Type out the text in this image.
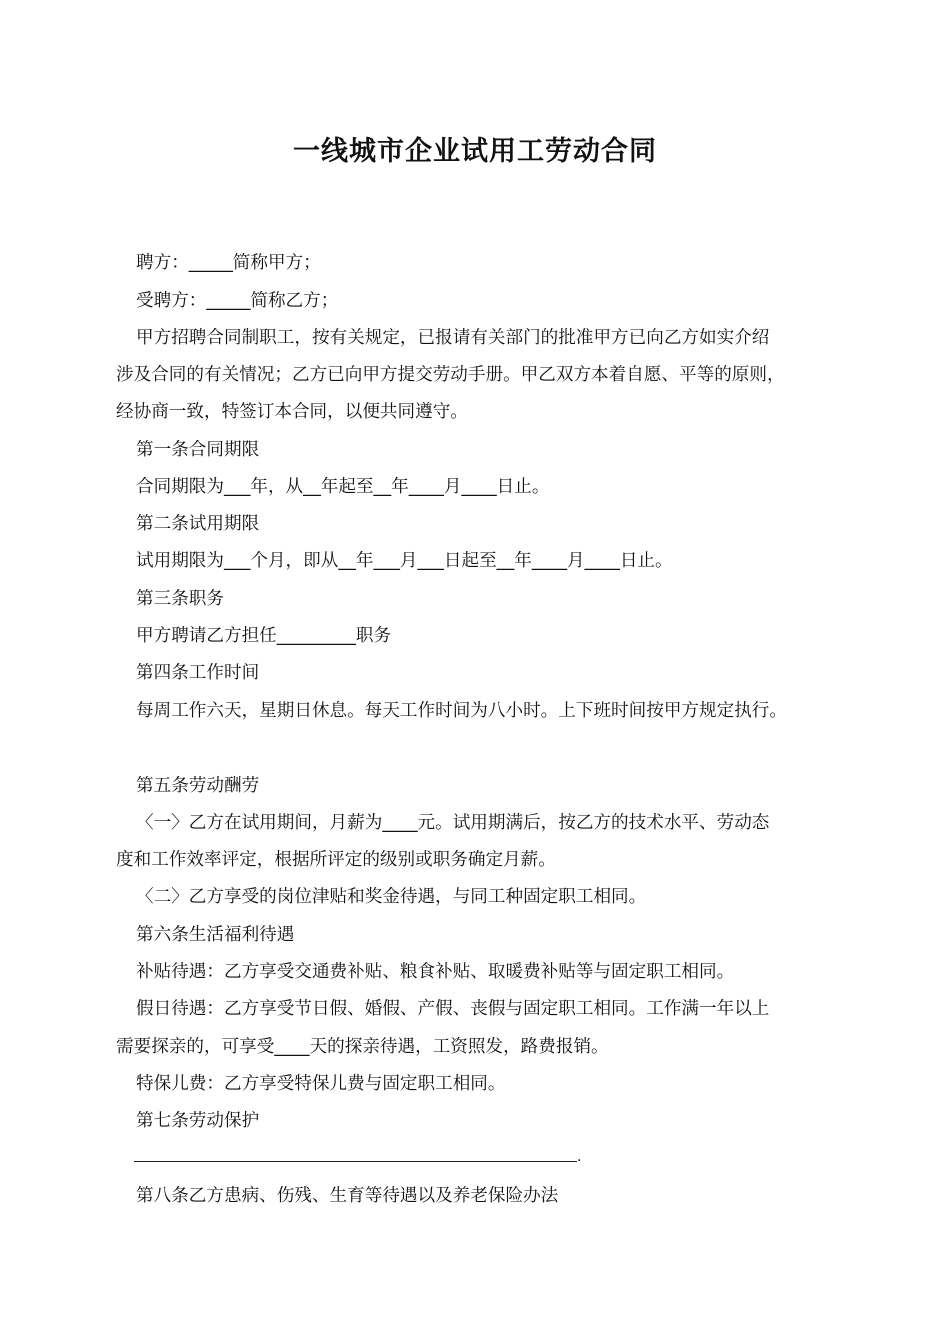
一线城市企业试用工劳动合同
聘方：_____简称甲方；
受聘方：_____简称乙方；
甲方招聘合同制职工，按有关规定，已报请有关部门的批准甲方已向乙方如实介绍
涉及合同的有关情况；乙方已向甲方提交劳动手册。甲乙双方本着自愿、平等的原则，
经协商一致，特签订本合同，以便共同遵守。
第一条合同期限
合同期限为___年，从__年起至__年____月____日止。
第二条试用期限
试用期限为___个月，即从__年___月___日起至__年____月____日止。
第三条职务
甲方聘请乙方担任_________职务
第四条工作时间
每周工作六天，星期日休息。每天工作时间为八小时。上下班时间按甲方规定执行。
第五条劳动酬劳
〈一〉乙方在试用期间，月薪为____元。试用期满后，按乙方的技术水平、劳动态
度和工作效率评定，根据所评定的级别或职务确定月薪。
〈二〉乙方享受的岗位津贴和奖金待遇，与同工种固定职工相同。
第六条生活福利待遇
补贴待遇：乙方享受交通费补贴、粮食补贴、取暖费补贴等与固定职工相同。
假日待遇：乙方享受节日假、婚假、产假、丧假与固定职工相同。工作满一年以上
需要探亲的，可享受____天的探亲待遇，工资照发，路费报销。
特保儿费：乙方享受特保儿费与固定职工相同。
第七条劳动保护
.
第八条乙方患病、伤残、生育等待遇以及养老保险办法
